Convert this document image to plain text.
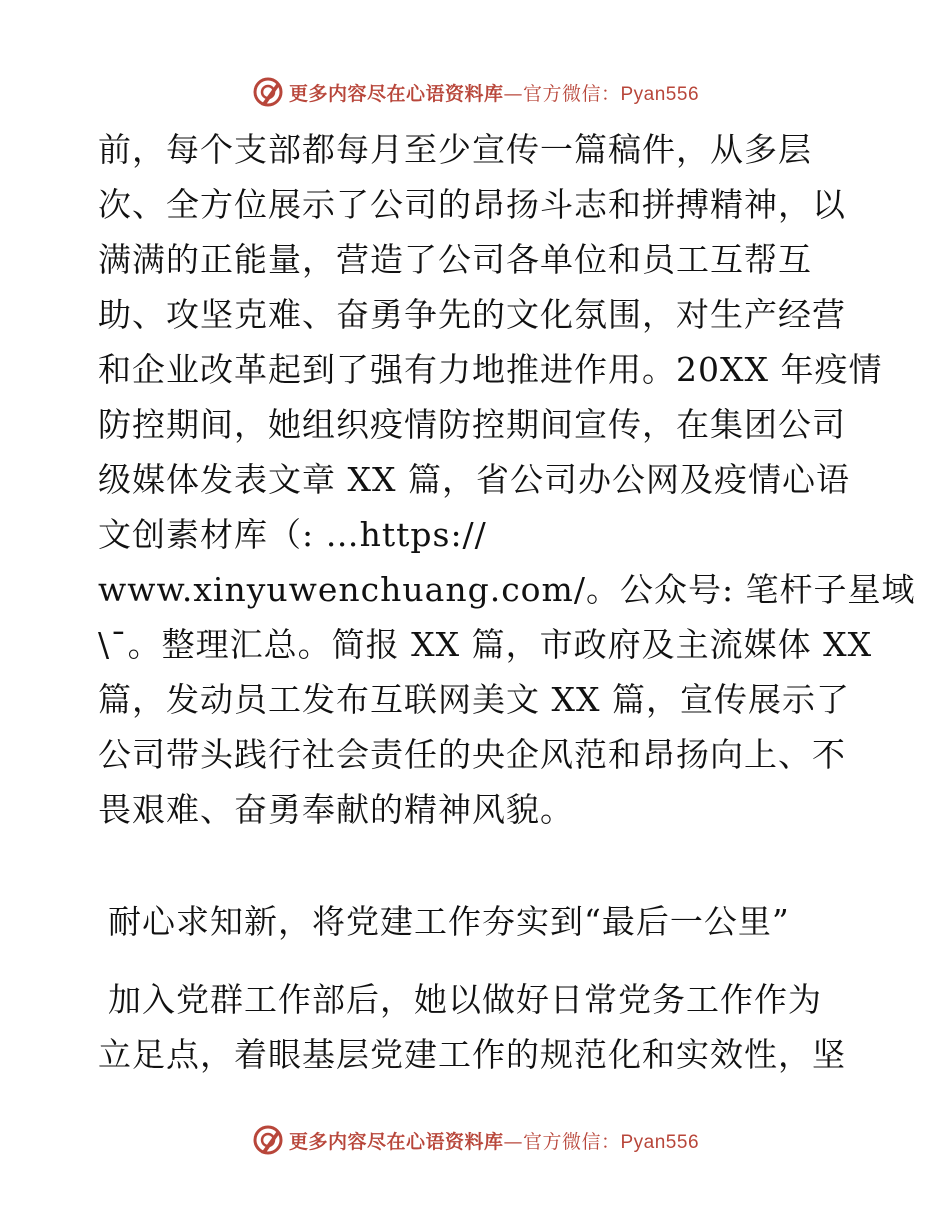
更多内容尽在心语资料库—官方微信：Pyan556
前，每个支部都每月至少宣传一篇稿件，从多层
次、全方位展示了公司的昂扬斗志和拼搏精神，以
满满的正能量，营造了公司各单位和员工互帮互
助、攻坚克难、奋勇争先的文化氛围，对生产经营
和企业改革起到了强有力地推进作用。20XX 年疫情
防控期间，她组织疫情防控期间宣传，在集团公司
级媒体发表文章 XX 篇，省公司办公网及疫情心语
文创素材库（: …https://
www.xinyuwenchuang.com/。公众号: 笔杆子星域
\¯。整理汇总。简报 XX 篇，市政府及主流媒体 XX
篇，发动员工发布互联网美文 XX 篇，宣传展示了
公司带头践行社会责任的央企风范和昂扬向上、不
畏艰难、奋勇奉献的精神风貌。
耐心求知新，将党建工作夯实到“最后一公里”
加入党群工作部后，她以做好日常党务工作作为
立足点，着眼基层党建工作的规范化和实效性，坚
更多内容尽在心语资料库—官方微信：Pyan556
